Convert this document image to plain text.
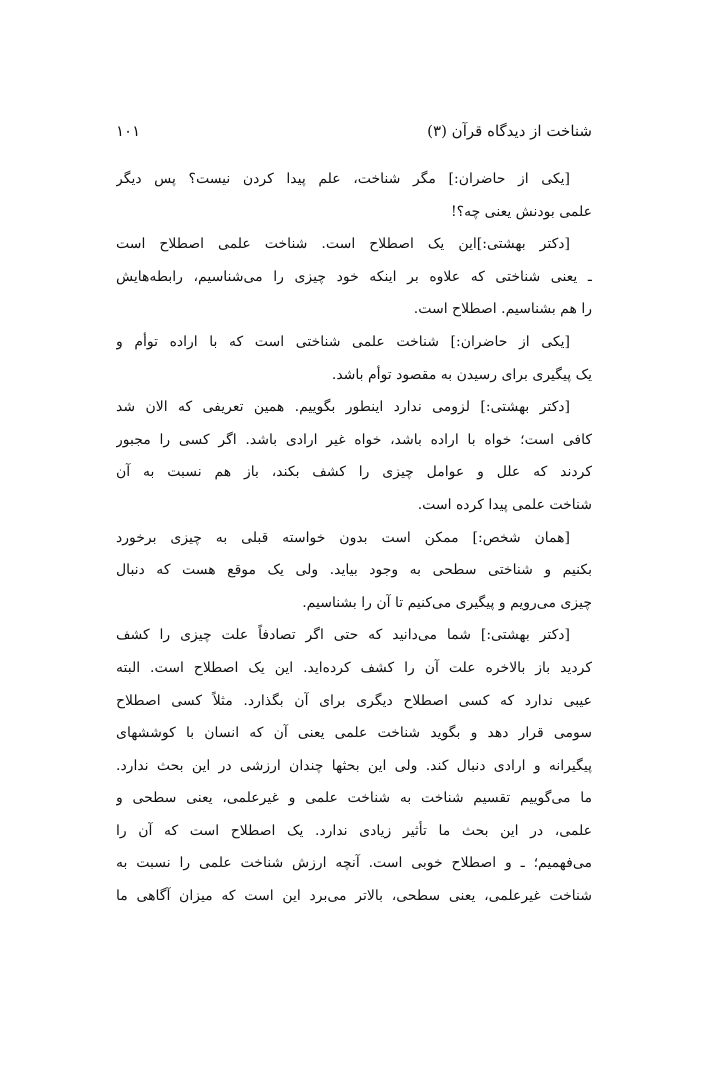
شناخت از دیدگاه قرآن (۳)
۱۰۱
[یکی از حاضران:] مگر شناخت، علم پیدا کردن نیست؟ پس دیگر
علمی بودنش یعنی چه؟!
[دکتر بهشتی:]این یک اصطلاح است. شناخت علمی اصطلاح است
ـ یعنی شناختی که علاوه بر اینکه خود چیزی را می‌شناسیم، رابطه‌هایش
را هم بشناسیم. اصطلاح است.
[یکی از حاضران:] شناخت علمی شناختی است که با اراده توأم و
یک پیگیری برای رسیدن به مقصود توأم باشد.
[دکتر بهشتی:] لزومی ندارد اینطور بگوییم. همین تعریفی که الان شد
کافی است؛ خواه با اراده باشد، خواه غیر ارادی باشد. اگر کسی را مجبور
کردند که علل و عوامل چیزی را کشف بکند، باز هم نسبت به آن
شناخت علمی پیدا کرده است.
[همان شخص:] ممکن است بدون خواسته قبلی به چیزی برخورد
بکنیم و شناختی سطحی به وجود بیاید. ولی یک موقع هست که دنبال
چیزی می‌رویم و پیگیری می‌کنیم تا آن را بشناسیم.
[دکتر بهشتی:] شما می‌دانید که حتی اگر تصادفاً علت چیزی را کشف
کردید باز بالاخره علت آن را کشف کرده‌اید. این یک اصطلاح است. البته
عیبی ندارد که کسی اصطلاح دیگری برای آن بگذارد. مثلاً کسی اصطلاح
سومی قرار دهد و بگوید شناخت علمی یعنی آن که انسان با کوششهای
پیگیرانه و ارادی دنبال کند. ولی این بحثها چندان ارزشی در این بحث ندارد.
ما می‌گوییم تقسیم شناخت به شناخت علمی و غیرعلمی، یعنی سطحی و
علمی، در این بحث ما تأثیر زیادی ندارد. یک اصطلاح است که آن را
می‌فهمیم؛ ـ و اصطلاح خوبی است. آنچه ارزش شناخت علمی را نسبت به
شناخت غیرعلمی، یعنی سطحی، بالاتر می‌برد این است که میزان آگاهی ما
